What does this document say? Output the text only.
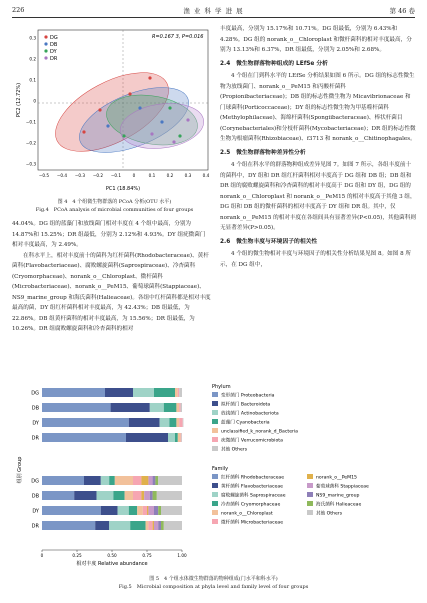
226	渔 业 科 学 进 展	第 46 卷
DG
DB
DY
DR
R=0.167 3, P=0.016
0.3
0.2
0.1
0
−0.1
−0.2
−0.3
−0.5 −0.4 −0.3 −0.2 −0.1	0	0.1	0.2	0.3	0.4
PC2 (12.72%)
PC1 (18.84%)
图 4　4 个组微生物群落的 PCoA 分析(OTU 水平)
Fig.4　PCoA analysis of microbial communities of four groups

44.04%。DG 组的蓝藻门和放线菌门相对丰度在 4 个组中最高，分别为 14.87%和 15.25%；DR 组最低，分别为 2.12%和 4.93%。DY 组疣微菌门相对丰度最高，为 2.49%。

在科水平上，相对丰度前十的菌科为红杆菌科(Rhodobacteraceae)、黄杆菌科(Flavobacteriaceae)、腐败螺旋菌科(Saprospiraceae)、冷杏菌科(Cryomorphaceae)、norank_o__Chloroplast、微杆菌科(Microbacteriaceae)、norank_o__PeM15、葡萄球菌科(Stappiaceae)、NS9_marine_group 和海氏菌科(Halieaceae)。各组中红杆菌科都是相对丰度最高的菌，DY 组红杆菌科相对丰度最高，为 42.43%；DB 组最低，为 22.86%。DB 组黄杆菌科的相对丰度最高，为 15.56%；DR 组最低，为 10.26%。DR 组腐败螺旋菌科和冷杏菌科的相对

丰度最高，分别为 15.17%和 10.71%。DG 组最低，分别为 6.43%和 4.28%。DG 组的 norank_o__Chloroplast 和微杆菌科的相对丰度最高，分别为 13.13%和 6.37%，DR 组最低，分别为 2.05%和 2.68%。

2.4　微生物群落物种组成的 LEfSe 分析

4 个组在门到科水平的 LEfSe 分析结果如图 6 所示。DG 组的标志性微生物为放线菌门、norank_o__PeM15 和丙酸杆菌科(Propionibacteriaceae)；DB 组的标志性微生物为 Micavibrionaceae 和门球菌科(Porticoccaceae)；DY 组的标志性微生物为甲基噬杆菌科(Methylophilaceae)、海绵杆菌科(Spongiibacteraceae)、棒状杆菌目(Corynebacteriales)和分枝杆菌科(Mycobacteriaceae)；DR 组的标志性微生物为根瘤菌科(Rhizobiaceae)、f3713 和 norank_o__Chitinophagales。

2.5　微生物群落物种差异性分析

4 个组在科水平的群落物种组成差异见图 7。如图 7 所示，各组丰度前十的菌科中，DY 组和 DR 组红杆菌科相对丰度高于 DG 组和 DB 组；DB 组和 DR 组的腐败螺旋菌科和冷杏菌科的相对丰度高于 DG 组和 DY 组，DG 组的 norank_o__Chloroplast 和 norank_o__PeM15 的相对丰度高于其他 3 组，DG 组和 DB 组的微杆菌科的相对丰度高于 DY 组和 DR 组。其中，仅 norank_o__PeM15 的相对丰度在各组间具有显著差异(P<0.05)，其他菌科则无显著差异(P>0.05)。

2.6　微生物丰度与环境因子的相关性

4 个组的微生物相对丰度与环境因子的相关性分析结果见图 8。如图 8 所示，在 DG 组中，

Phylum
DG
DB
DY
DR
变形菌门 Proteobacteria
拟杆菌门 Bacteroidota
放线菌门 Actinobacteriota
蓝藻门 Cyanobacteria
unclassified_k_norank_d_Bacteria
疣微菌门 Verrucomicrobiota
其他 Others
Family
DG
DB
DY
DR
红杆菌科 Rhodobacteraceae
黄杆菌科 Flavobacteriaceae
腐败螺旋菌科 Saprospiraceae
冷杏菌科 Cryomorphaceae
norank_o__Chloroplast
微杆菌科 Microbacteriaceae
norank_o__PeM15
葡萄球菌科 Stappiaceae
NS9_marine_group
海氏菌科 Halieaceae
其他 Others
0	0.25	0.50	0.75	1.00
相对丰度 Relative abundance
组别 Group
图 5　4 个组水体微生物群落的物种组成(门水平和科水平)
Fig.5　Microbial composition at phyla level and family level of four groups
